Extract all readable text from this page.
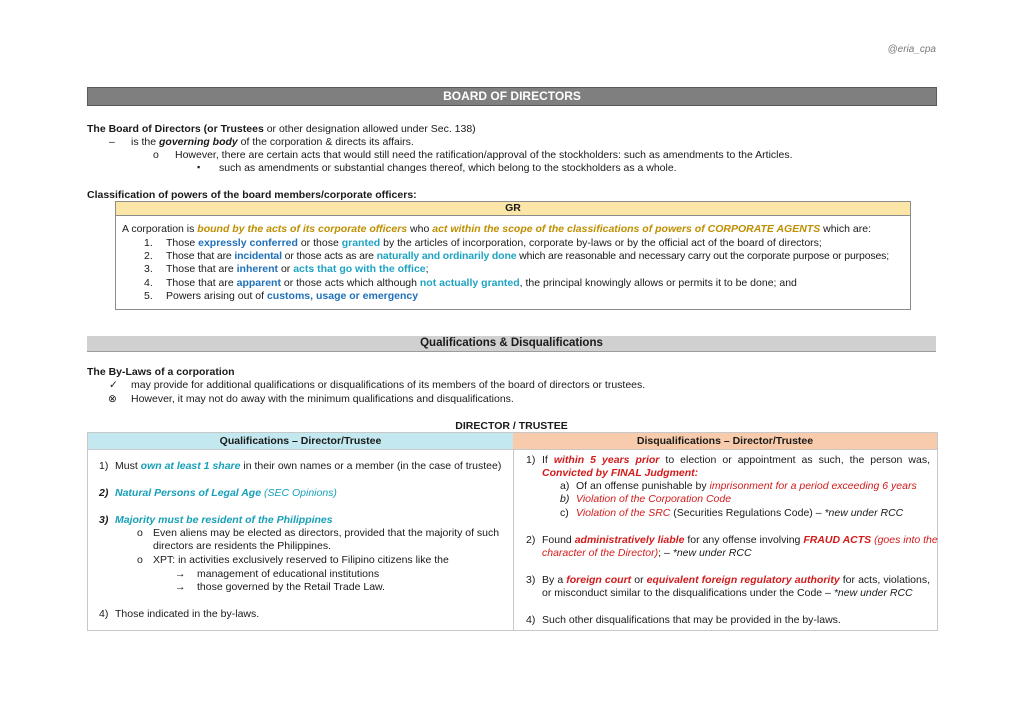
@eria_cpa
BOARD OF DIRECTORS
The Board of Directors (or Trustees or other designation allowed under Sec. 138)
– is the governing body of the corporation & directs its affairs.
o However, there are certain acts that would still need the ratification/approval of the stockholders: such as amendments to the Articles.
▪ such as amendments or substantial changes thereof, which belong to the stockholders as a whole.
Classification of powers of the board members/corporate officers:
GR
A corporation is bound by the acts of its corporate officers who act within the scope of the classifications of powers of CORPORATE AGENTS which are:
1. Those expressly conferred or those granted by the articles of incorporation, corporate by-laws or by the official act of the board of directors;
2. Those that are incidental or those acts as are naturally and ordinarily done which are reasonable and necessary carry out the corporate purpose or purposes;
3. Those that are inherent or acts that go with the office;
4. Those that are apparent or those acts which although not actually granted, the principal knowingly allows or permits it to be done; and
5. Powers arising out of customs, usage or emergency
Qualifications & Disqualifications
The By-Laws of a corporation
✓ may provide for additional qualifications or disqualifications of its members of the board of directors or trustees.
⊗ However, it may not do away with the minimum qualifications and disqualifications.
DIRECTOR / TRUSTEE
Qualifications – Director/Trustee	Disqualifications – Director/Trustee
1) Must own at least 1 share in their own names or a member (in the case of trustee)
2) Natural Persons of Legal Age (SEC Opinions)
3) Majority must be resident of the Philippines
o Even aliens may be elected as directors, provided that the majority of such
directors are residents the Philippines.
o XPT: in activities exclusively reserved to Filipino citizens like the
→ management of educational institutions
→ those governed by the Retail Trade Law.
4) Those indicated in the by-laws.
1) If within 5 years prior to election or appointment as such, the person was,
Convicted by FINAL Judgment:
a) Of an offense punishable by imprisonment for a period exceeding 6 years
b) Violation of the Corporation Code
c) Violation of the SRC (Securities Regulations Code) – *new under RCC
2) Found administratively liable for any offense involving FRAUD ACTS (goes into the
character of the Director); – *new under RCC
3) By a foreign court or equivalent foreign regulatory authority for acts, violations,
or misconduct similar to the disqualifications under the Code – *new under RCC
4) Such other disqualifications that may be provided in the by-laws.
